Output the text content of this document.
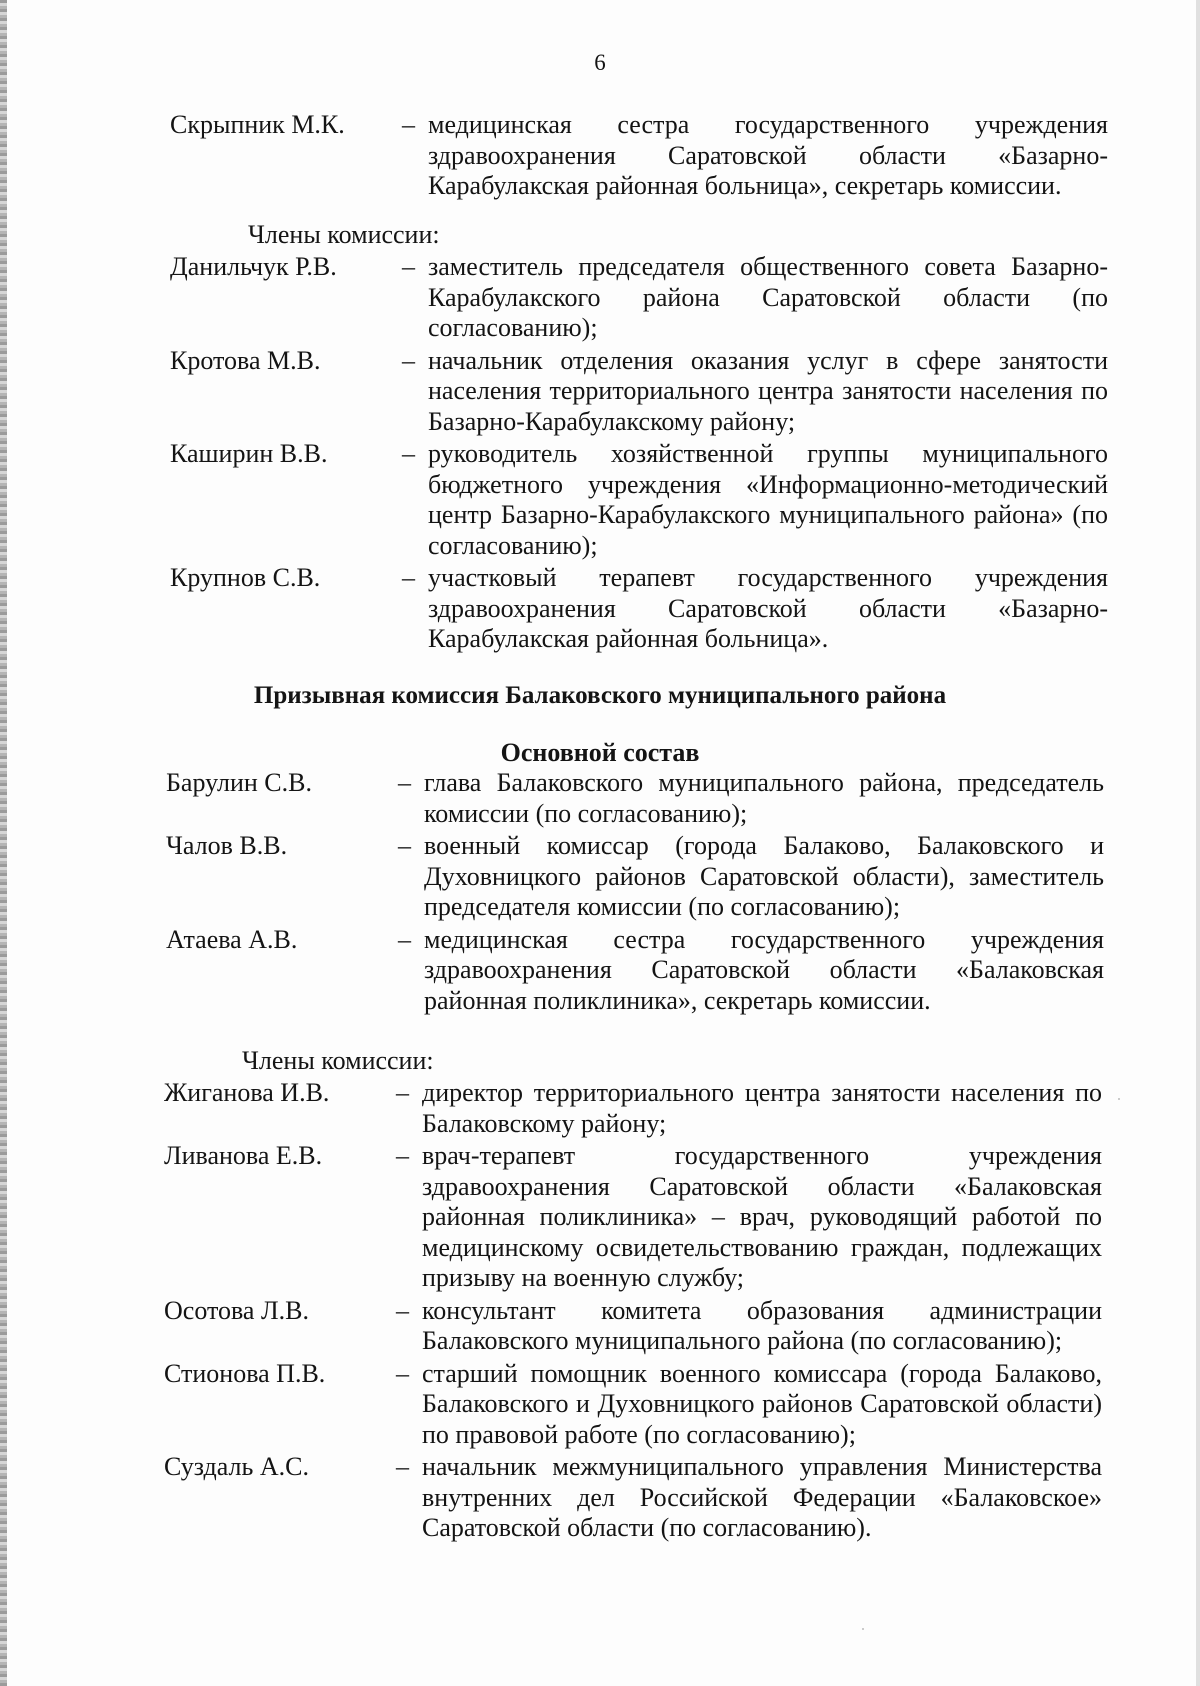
6
Скрыпник М.К.	– медицинская сестра государственного учреждения здравоохранения Саратовской области «Базарно-Карабулакская районная больница», секретарь комиссии.
Члены комиссии:
Данильчук Р.В.	– заместитель председателя общественного совета Базарно-Карабулакского района Саратовской области (по согласованию);
Кротова М.В.	– начальник отделения оказания услуг в сфере занятости населения территориального центра занятости населения по Базарно-Карабулакскому району;
Каширин В.В.	– руководитель хозяйственной группы муниципального бюджетного учреждения «Информационно-методический центр Базарно-Карабулакского муниципального района» (по согласованию);
Крупнов С.В.	– участковый терапевт государственного учреждения здравоохранения Саратовской области «Базарно-Карабулакская районная больница».
Призывная комиссия Балаковского муниципального района
Основной состав
Барулин С.В.	– глава Балаковского муниципального района, председатель комиссии (по согласованию);
Чалов В.В.	– военный комиссар (города Балаково, Балаковского и Духовницкого районов Саратовской области), заместитель председателя комиссии (по согласованию);
Атаева А.В.	– медицинская сестра государственного учреждения здравоохранения Саратовской области «Балаковская районная поликлиника», секретарь комиссии.
Члены комиссии:
Жиганова И.В.	– директор территориального центра занятости населения по Балаковскому району;
Ливанова Е.В.	– врач-терапевт государственного учреждения здравоохранения Саратовской области «Балаковская районная поликлиника» – врач, руководящий работой по медицинскому освидетельствованию граждан, подлежащих призыву на военную службу;
Осотова Л.В.	– консультант комитета образования администрации Балаковского муниципального района (по согласованию);
Стионова П.В.	– старший помощник военного комиссара (города Балаково, Балаковского и Духовницкого районов Саратовской области) по правовой работе (по согласованию);
Суздаль А.С.	– начальник межмуниципального управления Министерства внутренних дел Российской Федерации «Балаковское» Саратовской области (по согласованию).
